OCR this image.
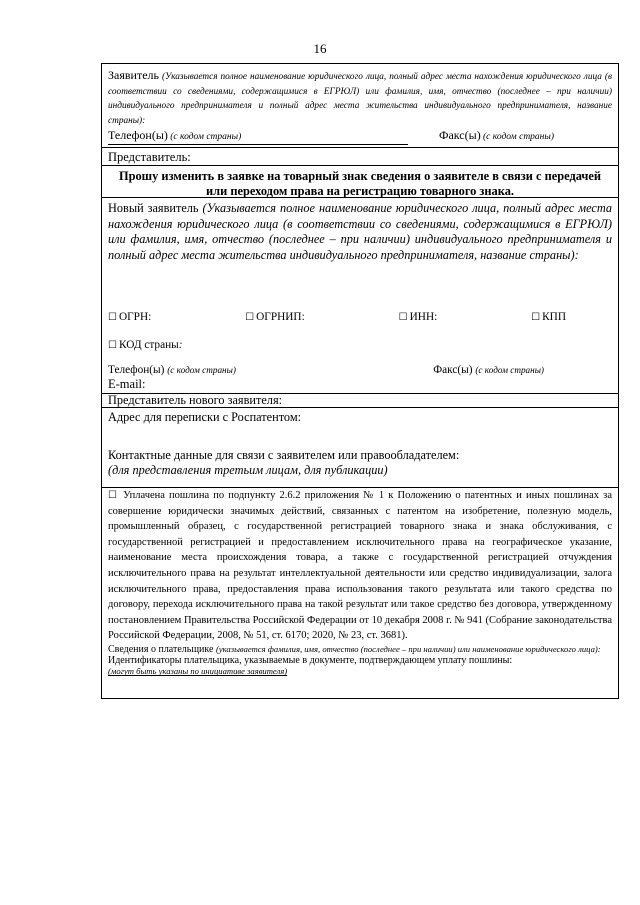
16
Заявитель (Указывается полное наименование юридического лица, полный адрес места нахождения юридического лица (в соответствии со сведениями, содержащимися в ЕГРЮЛ) или фамилия, имя, отчество (последнее – при наличии) индивидуального предпринимателя и полный адрес места жительства индивидуального предпринимателя, название страны):
Телефон(ы) (с кодом страны)	Факс(ы) (с кодом страны)
Представитель:
Прошу изменить в заявке на товарный знак сведения о заявителе в связи с передачей или переходом права на регистрацию товарного знака.
Новый заявитель (Указывается полное наименование юридического лица, полный адрес места нахождения юридического лица (в соответствии со сведениями, содержащимися в ЕГРЮЛ) или фамилия, имя, отчество (последнее – при наличии) индивидуального предпринимателя и полный адрес места жительства индивидуального предпринимателя, название страны):
☐ ОГРН:	☐ ОГРНИП:	☐ ИНН:	☐ КПП
☐ КОД страны:
Телефон(ы) (с кодом страны)	Факс(ы) (с кодом страны)
E-mail:
Представитель нового заявителя:
Адрес для переписки с Роспатентом:
Контактные данные для связи с заявителем или правообладателем:
(для представления третьим лицам, для публикации)
☐ Уплачена пошлина по подпункту 2.6.2 приложения № 1 к Положению о патентных и иных пошлинах за совершение юридически значимых действий, связанных с патентом на изобретение, полезную модель, промышленный образец, с государственной регистрацией товарного знака и знака обслуживания, с государственной регистрацией и предоставлением исключительного права на географическое указание, наименование места происхождения товара, а также с государственной регистрацией отчуждения исключительного права на результат интеллектуальной деятельности или средство индивидуализации, залога исключительного права, предоставления права использования такого результата или такого средства по договору, перехода исключительного права на такой результат или такое средство без договора, утвержденному постановлением Правительства Российской Федерации от 10 декабря 2008 г. № 941 (Собрание законодательства Российской Федерации, 2008, № 51, ст. 6170; 2020, № 23, ст. 3681).
Сведения о плательщике (указывается фамилия, имя, отчество (последнее – при наличии) или наименование юридического лица):
Идентификаторы плательщика, указываемые в документе, подтверждающем уплату пошлины:
(могут быть указаны по инициативе заявителя)
